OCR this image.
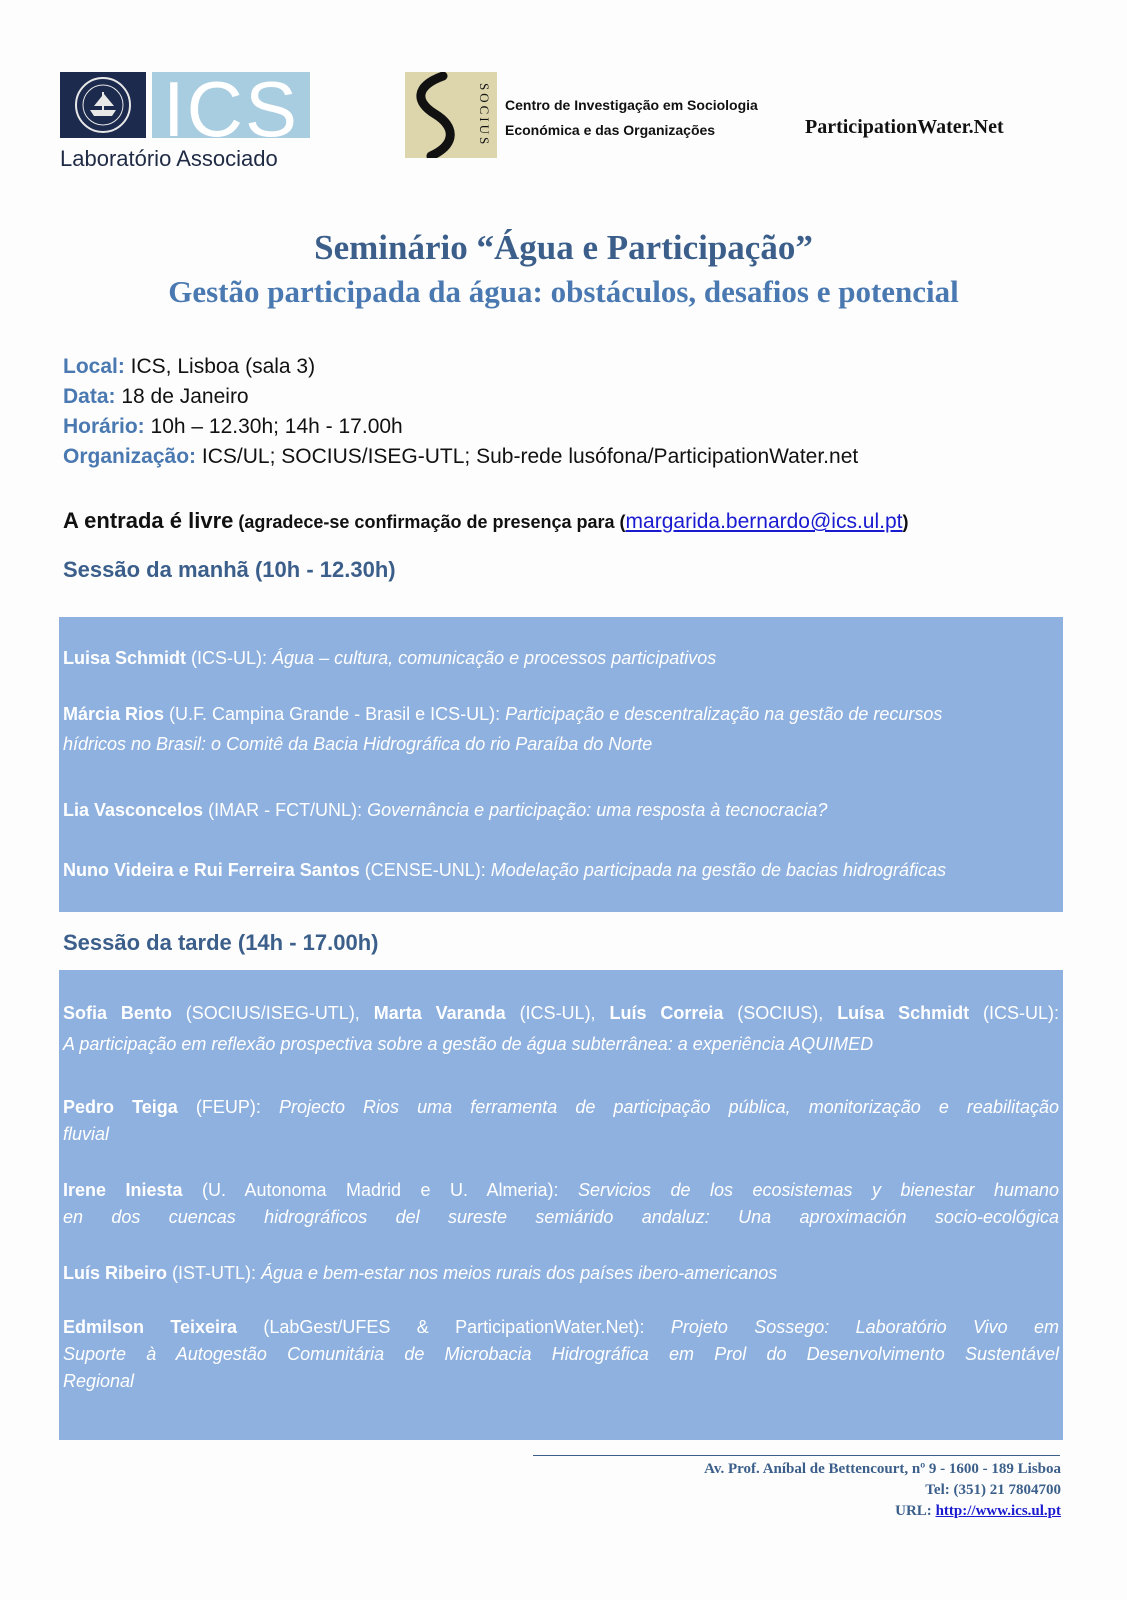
ICS
Laboratório Associado
SOCIUS Centro de Investigação em Sociologia
Económica e das Organizações	ParticipationWater.Net
Seminário “Água e Participação”
Gestão participada da água: obstáculos, desafios e potencial
Local: ICS, Lisboa (sala 3)
Data: 18 de Janeiro
Horário: 10h – 12.30h; 14h - 17.00h
Organização: ICS/UL; SOCIUS/ISEG-UTL; Sub-rede lusófona/ParticipationWater.net
A entrada é livre (agradece-se confirmação de presença para (margarida.bernardo@ics.ul.pt)
Sessão da manhã (10h - 12.30h)
Luisa Schmidt (ICS-UL): Água – cultura, comunicação e processos participativos
Márcia Rios (U.F. Campina Grande - Brasil e ICS-UL): Participação e descentralização na gestão de recursos
hídricos no Brasil: o Comitê da Bacia Hidrográfica do rio Paraíba do Norte
Lia Vasconcelos (IMAR - FCT/UNL): Governância e participação: uma resposta à tecnocracia?
Nuno Videira e Rui Ferreira Santos (CENSE-UNL): Modelação participada na gestão de bacias hidrográficas
Sessão da tarde (14h - 17.00h)
Sofia Bento (SOCIUS/ISEG-UTL), Marta Varanda (ICS-UL), Luís Correia (SOCIUS), Luísa Schmidt (ICS-UL):
A participação em reflexão prospectiva sobre a gestão de água subterrânea: a experiência AQUIMED
Pedro Teiga (FEUP): Projecto Rios uma ferramenta de participação pública, monitorização e reabilitação
fluvial
Irene Iniesta (U. Autonoma Madrid e U. Almeria): Servicios de los ecosistemas y bienestar humano
en dos cuencas hidrográficos del sureste semiárido andaluz: Una aproximación socio-ecológica
Luís Ribeiro (IST-UTL): Água e bem-estar nos meios rurais dos países ibero-americanos
Edmilson Teixeira (LabGest/UFES & ParticipationWater.Net): Projeto Sossego: Laboratório Vivo em
Suporte à Autogestão Comunitária de Microbacia Hidrográfica em Prol do Desenvolvimento Sustentável
Regional
Av. Prof. Aníbal de Bettencourt, nº 9 - 1600 - 189 Lisboa
Tel: (351) 21 7804700
URL: http://www.ics.ul.pt
